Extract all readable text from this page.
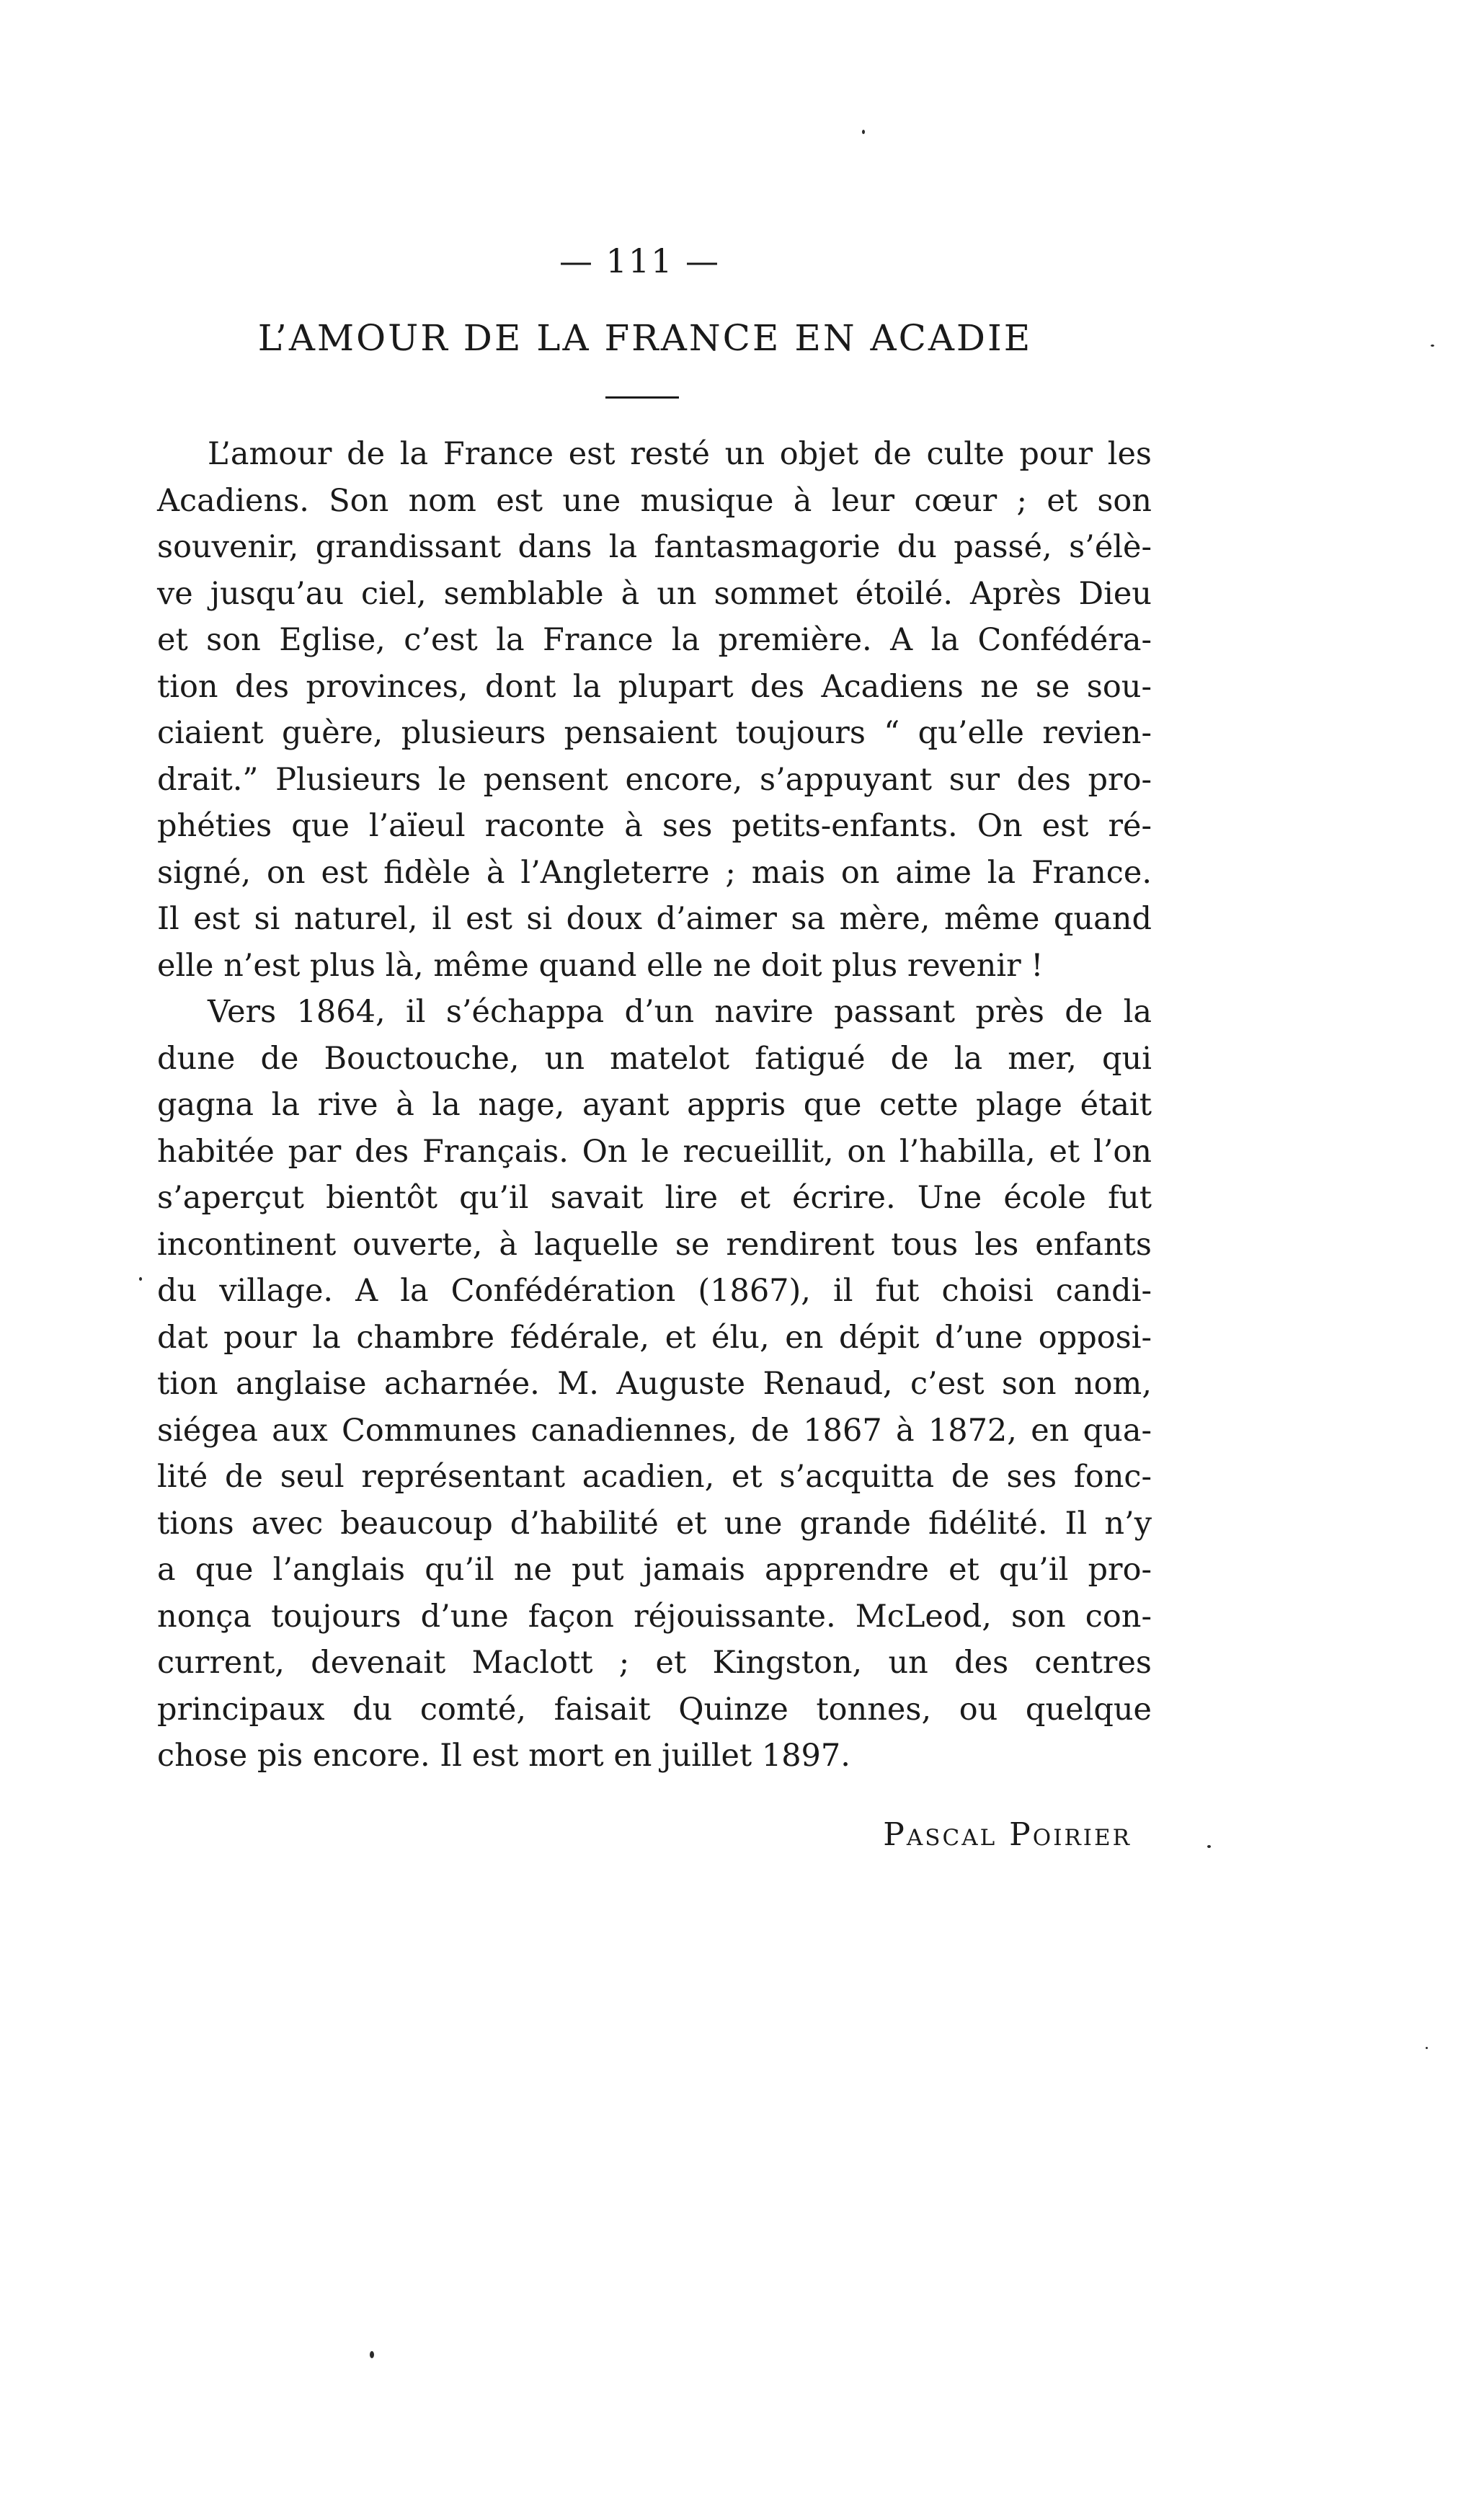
— 111 —
L’AMOUR DE LA FRANCE EN ACADIE
L’amour de la France est resté un objet de culte pour les
Acadiens. Son nom est une musique à leur cœur ; et son
souvenir, grandissant dans la fantasmagorie du passé, s’élè-
ve jusqu’au ciel, semblable à un sommet étoilé. Après Dieu
et son Eglise, c’est la France la première. A la Confédéra-
tion des provinces, dont la plupart des Acadiens ne se sou-
ciaient guère, plusieurs pensaient toujours “ qu’elle revien-
drait.” Plusieurs le pensent encore, s’appuyant sur des pro-
phéties que l’aïeul raconte à ses petits-enfants. On est ré-
signé, on est fidèle à l’Angleterre ; mais on aime la France.
Il est si naturel, il est si doux d’aimer sa mère, même quand
elle n’est plus là, même quand elle ne doit plus revenir !
Vers 1864, il s’échappa d’un navire passant près de la
dune de Bouctouche, un matelot fatigué de la mer, qui
gagna la rive à la nage, ayant appris que cette plage était
habitée par des Français. On le recueillit, on l’habilla, et l’on
s’aperçut bientôt qu’il savait lire et écrire. Une école fut
incontinent ouverte, à laquelle se rendirent tous les enfants
du village. A la Confédération (1867), il fut choisi candi-
dat pour la chambre fédérale, et élu, en dépit d’une opposi-
tion anglaise acharnée. M. Auguste Renaud, c’est son nom,
siégea aux Communes canadiennes, de 1867 à 1872, en qua-
lité de seul représentant acadien, et s’acquitta de ses fonc-
tions avec beaucoup d’habilité et une grande fidélité. Il n’y
a que l’anglais qu’il ne put jamais apprendre et qu’il pro-
nonça toujours d’une façon réjouissante. McLeod, son con-
current, devenait Maclott ; et Kingston, un des centres
principaux du comté, faisait Quinze tonnes, ou quelque
chose pis encore. Il est mort en juillet 1897.
Pascal Poirier
